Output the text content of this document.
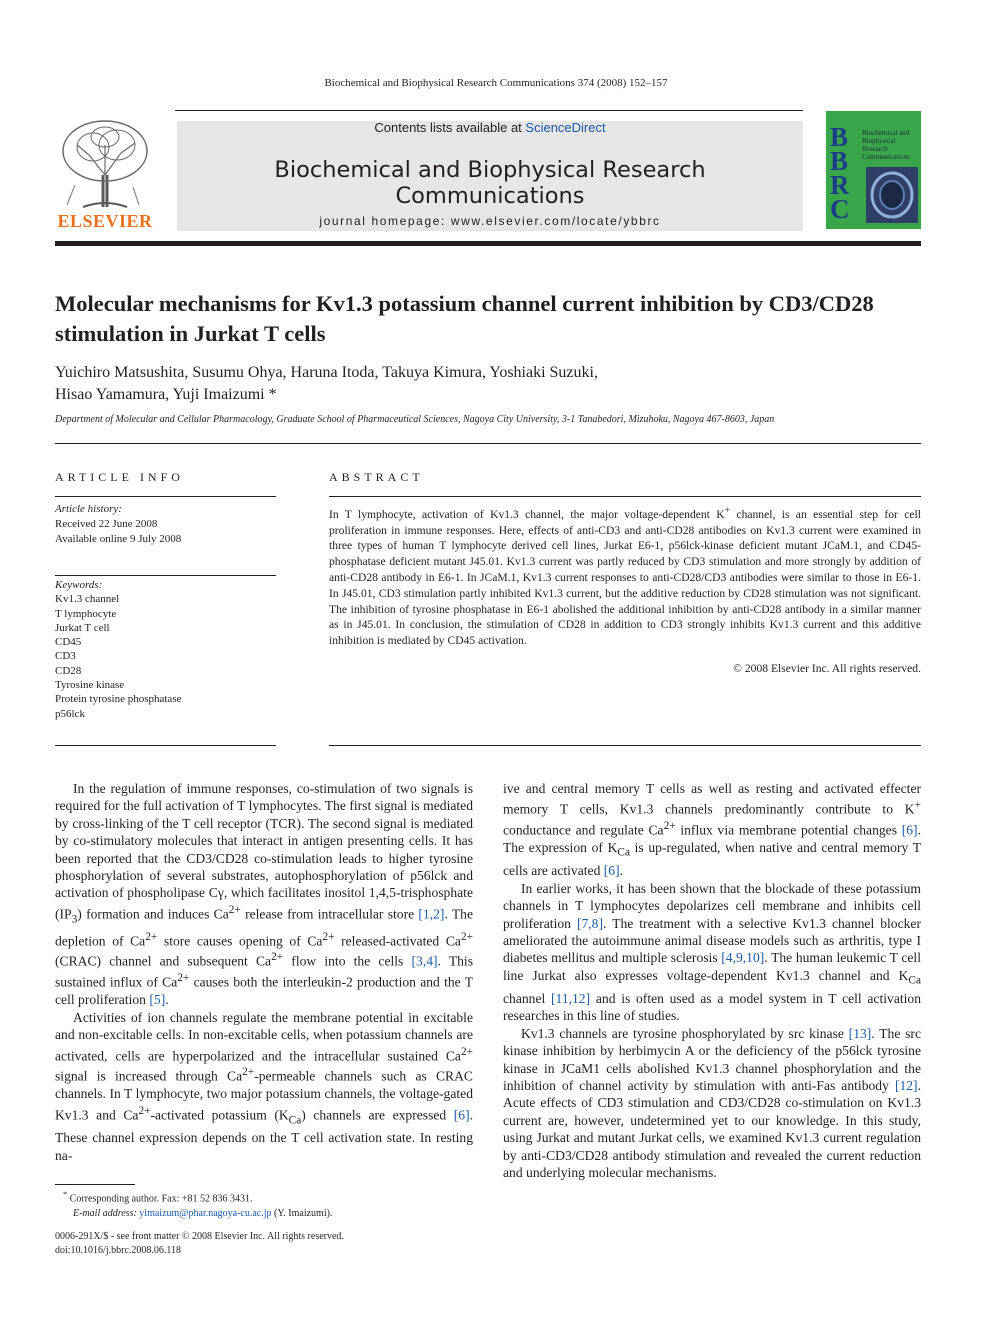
Biochemical and Biophysical Research Communications 374 (2008) 152–157
ELSEVIER
Contents lists available at ScienceDirect
Biochemical and Biophysical Research Communications
journal homepage: www.elsevier.com/locate/ybbrc
B
B
R
C
Biochemical and Biophysical Research Communications
Molecular mechanisms for Kv1.3 potassium channel current inhibition by CD3/CD28 stimulation in Jurkat T cells
Yuichiro Matsushita, Susumu Ohya, Haruna Itoda, Takuya Kimura, Yoshiaki Suzuki,
Hisao Yamamura, Yuji Imaizumi *
Department of Molecular and Cellular Pharmacology, Graduate School of Pharmaceutical Sciences, Nagoya City University, 3-1 Tanabedori, Mizuhoku, Nagoya 467-8603, Japan
ARTICLE INFO
Article history:
Received 22 June 2008
Available online 9 July 2008
Keywords:
Kv1.3 channel
T lymphocyte
Jurkat T cell
CD45
CD3
CD28
Tyrosine kinase
Protein tyrosine phosphatase
p56lck
ABSTRACT
In T lymphocyte, activation of Kv1.3 channel, the major voltage-dependent K+ channel, is an essential step for cell proliferation in immune responses. Here, effects of anti-CD3 and anti-CD28 antibodies on Kv1.3 current were examined in three types of human T lymphocyte derived cell lines, Jurkat E6-1, p56lck-kinase deficient mutant JCaM.1, and CD45-phosphatase deficient mutant J45.01. Kv1.3 current was partly reduced by CD3 stimulation and more strongly by addition of anti-CD28 antibody in E6-1. In JCaM.1, Kv1.3 current responses to anti-CD28/CD3 antibodies were similar to those in E6-1. In J45.01, CD3 stimulation partly inhibited Kv1.3 current, but the additive reduction by CD28 stimulation was not significant. The inhibition of tyrosine phosphatase in E6-1 abolished the additional inhibition by anti-CD28 antibody in a similar manner as in J45.01. In conclusion, the stimulation of CD28 in addition to CD3 strongly inhibits Kv1.3 current and this additive inhibition is mediated by CD45 activation.
© 2008 Elsevier Inc. All rights reserved.

In the regulation of immune responses, co-stimulation of two signals is required for the full activation of T lymphocytes. The first signal is mediated by cross-linking of the T cell receptor (TCR). The second signal is mediated by co-stimulatory molecules that interact in antigen presenting cells. It has been reported that the CD3/CD28 co-stimulation leads to higher tyrosine phosphorylation of several substrates, autophosphorylation of p56lck and activation of phospholipase Cγ, which facilitates inositol 1,4,5-trisphosphate $(IP_3)$ formation and induces $Ca^{2+}$ release from intracellular store [1,2]. The depletion of $Ca^{2+}$ store causes opening of $Ca^{2+}$ released-activated $Ca^{2+}$ (CRAC) channel and subsequent $Ca^{2+}$ flow into the cells [3,4]. This sustained influx of $Ca^{2+}$ causes both the interleukin-2 production and the T cell proliferation [5].

Activities of ion channels regulate the membrane potential in excitable and non-excitable cells. In non-excitable cells, when potassium channels are activated, cells are hyperpolarized and the intracellular sustained $Ca^{2+}$ signal is increased through $Ca^{2+}$-permeable channels such as CRAC channels. In T lymphocyte, two major potassium channels, the voltage-gated Kv1.3 and $Ca^{2+}$-activated potassium $(K_{Ca})$ channels are expressed [6]. These channel expression depends on the T cell activation state. In resting na-

ive and central memory T cells as well as resting and activated effecter memory T cells, Kv1.3 channels predominantly contribute to K+ conductance and regulate $Ca^{2+}$ influx via membrane potential changes [6]. The expression of $K_{Ca}$ is up-regulated, when native and central memory T cells are activated [6].

In earlier works, it has been shown that the blockade of these potassium channels in T lymphocytes depolarizes cell membrane and inhibits cell proliferation [7,8]. The treatment with a selective Kv1.3 channel blocker ameliorated the autoimmune animal disease models such as arthritis, type I diabetes mellitus and multiple sclerosis [4,9,10]. The human leukemic T cell line Jurkat also expresses voltage-dependent Kv1.3 channel and $K_{Ca}$ channel [11,12] and is often used as a model system in T cell activation researches in this line of studies.

Kv1.3 channels are tyrosine phosphorylated by src kinase [13]. The src kinase inhibition by herbimycin A or the deficiency of the p56lck tyrosine kinase in JCaM1 cells abolished Kv1.3 channel phosphorylation and the inhibition of channel activity by stimulation with anti-Fas antibody [12]. Acute effects of CD3 stimulation and CD3/CD28 co-stimulation on Kv1.3 current are, however, undetermined yet to our knowledge. In this study, using Jurkat and mutant Jurkat cells, we examined Kv1.3 current regulation by anti-CD3/CD28 antibody stimulation and revealed the current reduction and underlying molecular mechanisms.

* Corresponding author. Fax: +81 52 836 3431.
E-mail address: yimaizum@phar.nagoya-cu.ac.jp (Y. Imaizumi).
0006-291X/$ - see front matter © 2008 Elsevier Inc. All rights reserved.
doi:10.1016/j.bbrc.2008.06.118
